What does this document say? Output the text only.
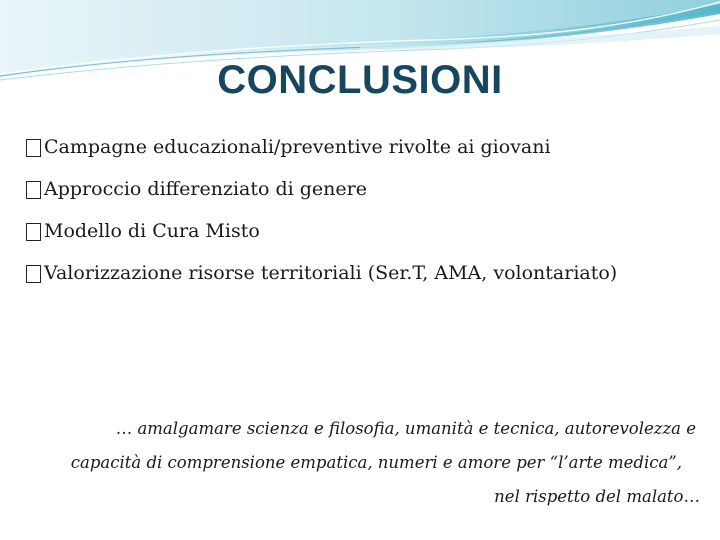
CONCLUSIONI
Campagne educazionali/preventive rivolte ai giovani
Approccio differenziato di genere
Modello di Cura Misto
Valorizzazione risorse territoriali (Ser.T, AMA, volontariato)
… amalgamare scienza e filosofia, umanità e tecnica, autorevolezza e
capacità di comprensione empatica, numeri e amore per “l’arte medica”,
nel rispetto del malato…
